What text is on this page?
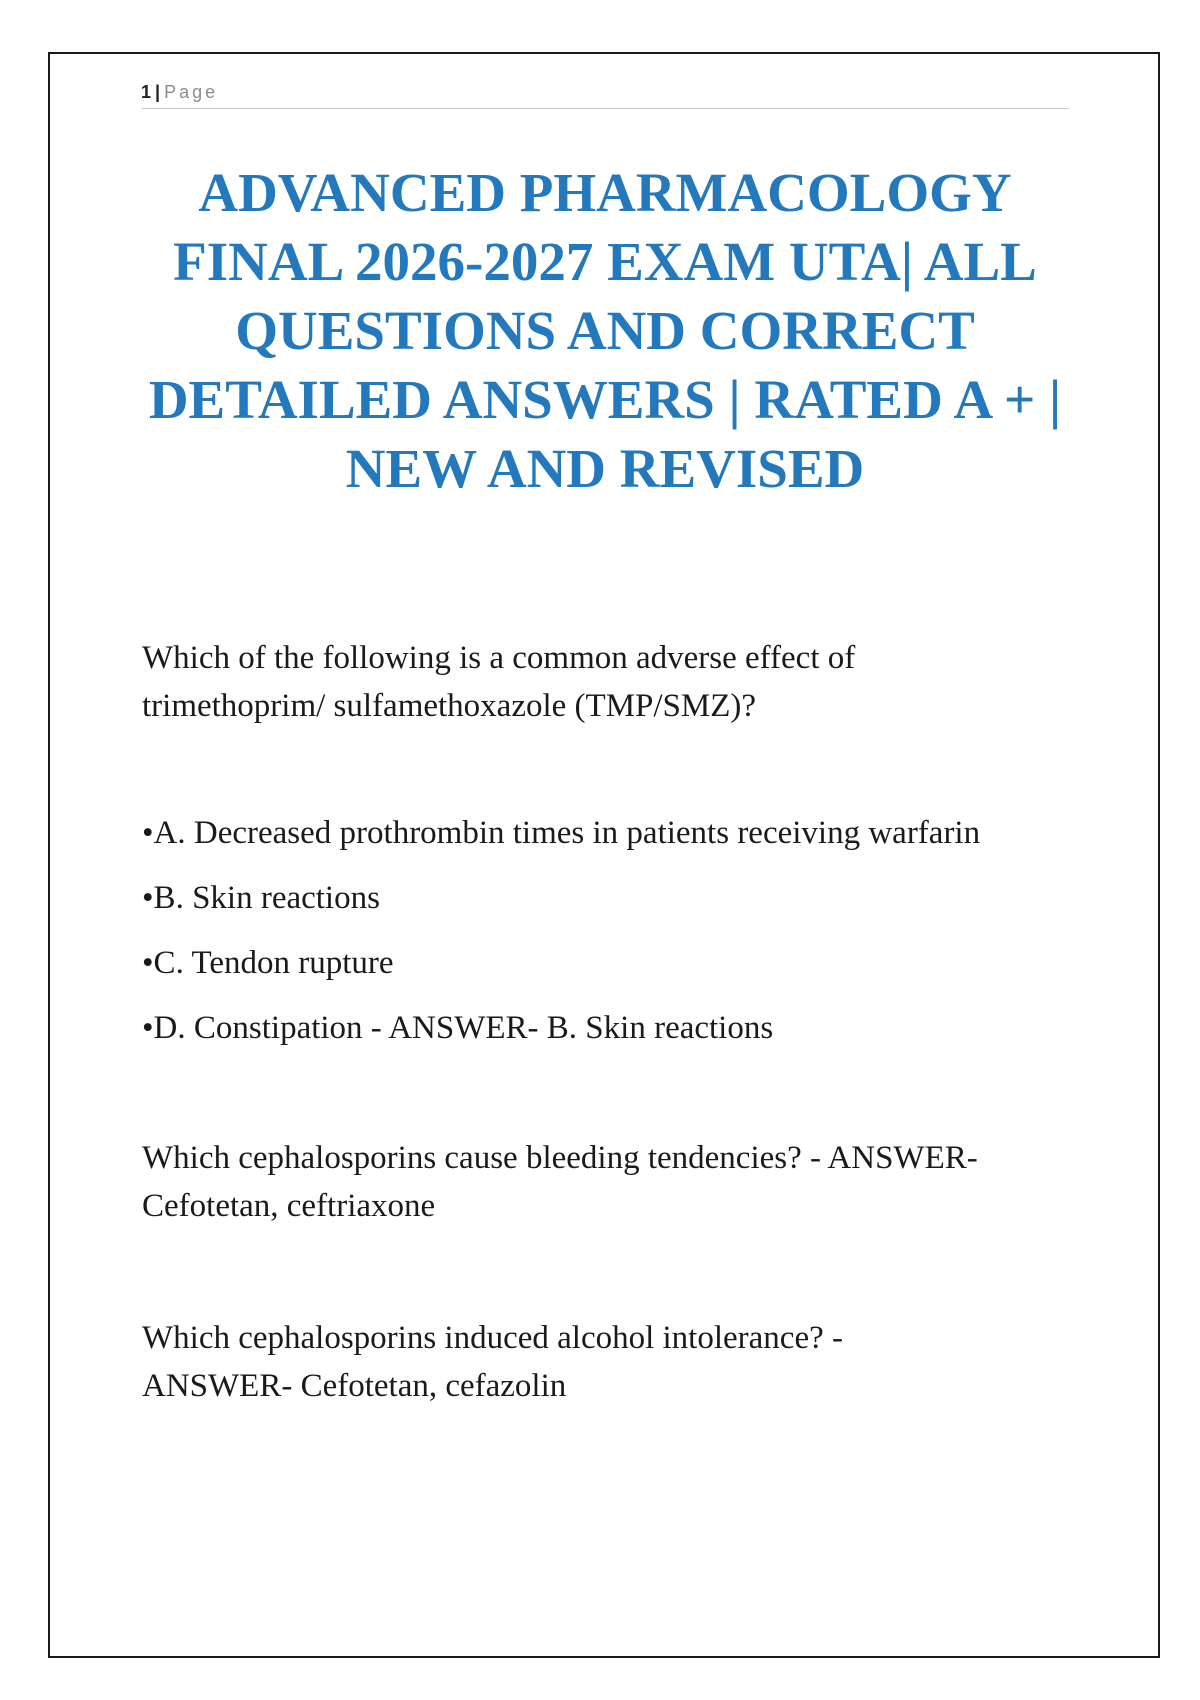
1 | Page
ADVANCED PHARMACOLOGY
FINAL 2026-2027 EXAM UTA| ALL
QUESTIONS AND CORRECT
DETAILED ANSWERS | RATED A + |
NEW AND REVISED

Which of the following is a common adverse effect of
trimethoprim/ sulfamethoxazole (TMP/SMZ)?

•A. Decreased prothrombin times in patients receiving warfarin
•B. Skin reactions
•C. Tendon rupture
•D. Constipation - ANSWER- B. Skin reactions

Which cephalosporins cause bleeding tendencies? - ANSWER-
Cefotetan, ceftriaxone

Which cephalosporins induced alcohol intolerance? -
ANSWER- Cefotetan, cefazolin
